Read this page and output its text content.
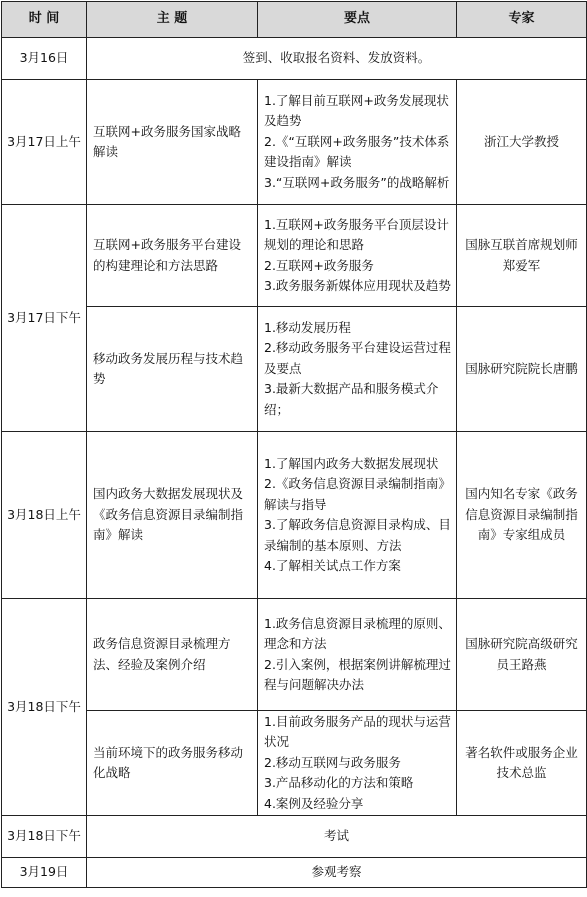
时 间	主 题	要点	专家
3月16日	签到、收取报名资料、发放资料。		
3月17日上午	互联网+政务服务国家战略解读	1.了解目前互联网+政务发展现状及趋势
2.《“互联网+政务服务”技术体系建设指南》解读
3.“互联网+政务服务”的战略解析	浙江大学教授
3月17日下午	互联网+政务服务平台建设的构建理论和方法思路	1.互联网+政务服务平台顶层设计规划的理论和思路
2.互联网+政务服务
3.政务服务新媒体应用现状及趋势	国脉互联首席规划师郑爱军
	移动政务发展历程与技术趋势	1.移动发展历程
2.移动政务服务平台建设运营过程及要点
3.最新大数据产品和服务模式介绍；	国脉研究院院长唐鹏
3月18日上午	国内政务大数据发展现状及《政务信息资源目录编制指南》解读	1.了解国内政务大数据发展现状
2.《政务信息资源目录编制指南》解读与指导
3.了解政务信息资源目录构成、目录编制的基本原则、方法
4.了解相关试点工作方案	国内知名专家《政务信息资源目录编制指南》专家组成员
3月18日下午	政务信息资源目录梳理方法、经验及案例介绍	1.政务信息资源目录梳理的原则、理念和方法
2.引入案例，根据案例讲解梳理过程与问题解决办法	国脉研究院高级研究员王路燕
	当前环境下的政务服务移动化战略	1.目前政务服务产品的现状与运营状况
2.移动互联网与政务服务
3.产品移动化的方法和策略
4.案例及经验分享	著名软件或服务企业技术总监
3月18日下午	考试		
3月19日	参观考察		
